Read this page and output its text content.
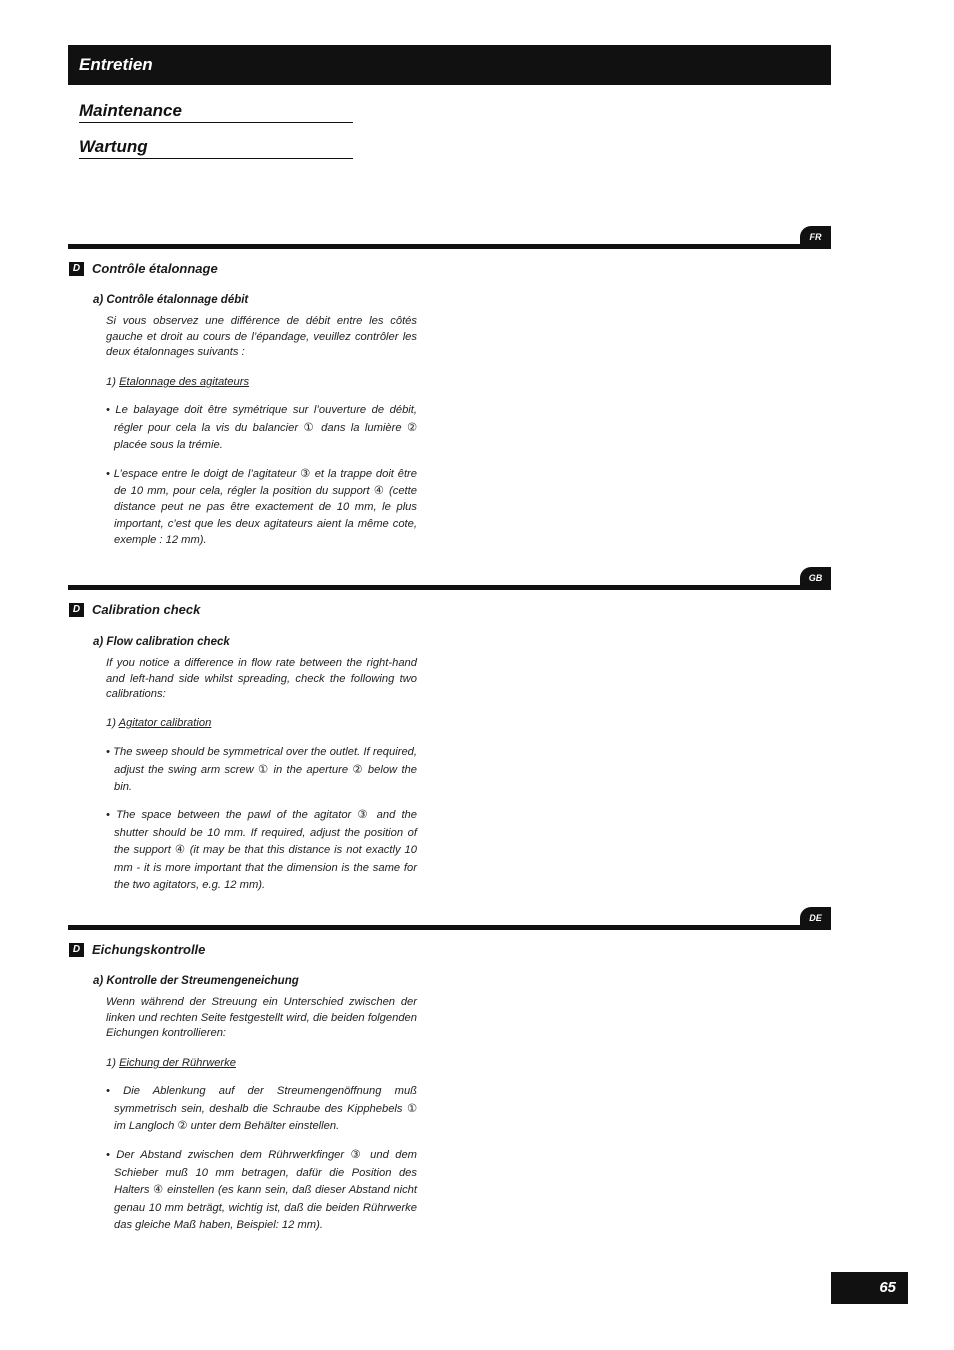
Entretien
Maintenance
Wartung
FR
D Contrôle étalonnage
a) Contrôle étalonnage débit

Si vous observez une différence de débit entre les côtés gauche et droit au cours de l’épandage, veuillez contrôler les deux étalonnages suivants :

1) Etalonnage des agitateurs

• Le balayage doit être symétrique sur l’ouverture de débit, régler pour cela la vis du balancier ① dans la lumière ② placée sous la trémie.

• L’espace entre le doigt de l’agitateur ③ et la trappe doit être de 10 mm, pour cela, régler la position du support ④ (cette distance peut ne pas être exactement de 10 mm, le plus important, c’est que les deux agitateurs aient la même cote, exemple : 12 mm).

GB
D Calibration check
a) Flow calibration check

If you notice a difference in flow rate between the right-hand and left-hand side whilst spreading, check the following two calibrations:

1) Agitator calibration

• The sweep should be symmetrical over the outlet. If required, adjust the swing arm screw ① in the aperture ② below the bin.

• The space between the pawl of the agitator ③ and the shutter should be 10 mm. If required, adjust the position of the support ④ (it may be that this distance is not exactly 10 mm - it is more important that the dimension is the same for the two agitators, e.g. 12 mm).

DE
D Eichungskontrolle
a) Kontrolle der Streumengeneichung

Wenn während der Streuung ein Unterschied zwischen der linken und rechten Seite festgestellt wird, die beiden folgenden Eichungen kontrollieren:

1) Eichung der Rührwerke

• Die Ablenkung auf der Streumengenöffnung muß symmetrisch sein, deshalb die Schraube des Kipphebels ① im Langloch ② unter dem Behälter einstellen.

• Der Abstand zwischen dem Rührwerkfinger ③ und dem Schieber muß 10 mm betragen, dafür die Position des Halters ④ einstellen (es kann sein, daß dieser Abstand nicht genau 10 mm beträgt, wichtig ist, daß die beiden Rührwerke das gleiche Maß haben, Beispiel: 12 mm).

65
